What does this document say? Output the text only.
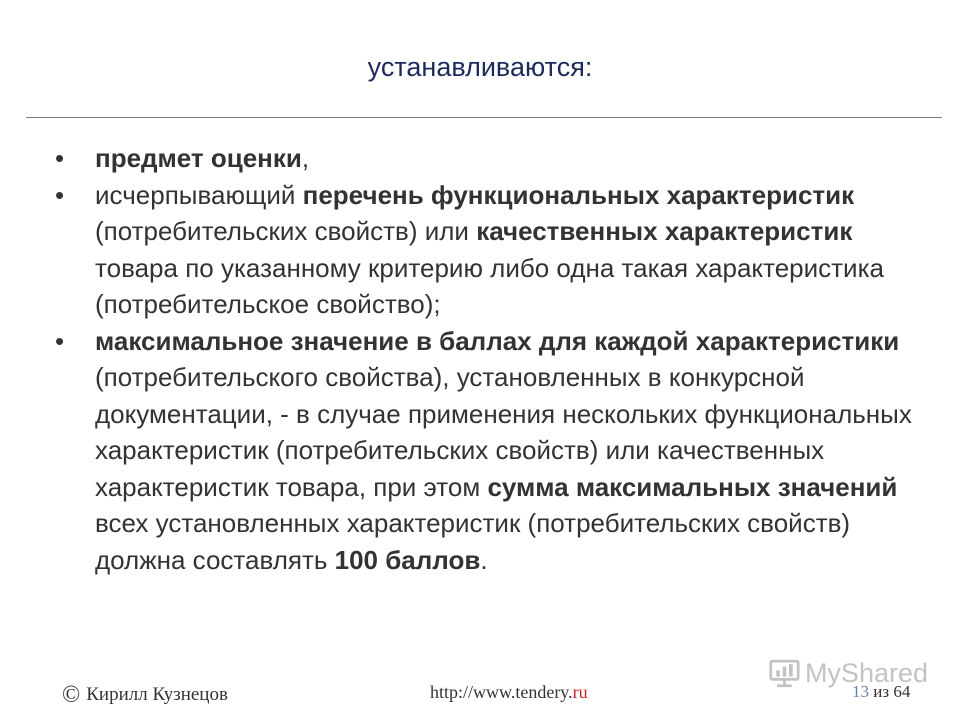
устанавливаются:
• предмет оценки,
• исчерпывающий перечень функциональных характеристик (потребительских свойств) или качественных характеристик товара по указанному критерию либо одна такая характеристика (потребительское свойство);
• максимальное значение в баллах для каждой характеристики (потребительского свойства), установленных в конкурсной документации, - в случае применения нескольких функциональных характеристик (потребительских свойств) или качественных характеристик товара, при этом сумма максимальных значений всех установленных характеристик (потребительских свойств) должна составлять 100 баллов.
© Кирилл Кузнецов	http://www.tendery.ru	13 из 64
MyShared
